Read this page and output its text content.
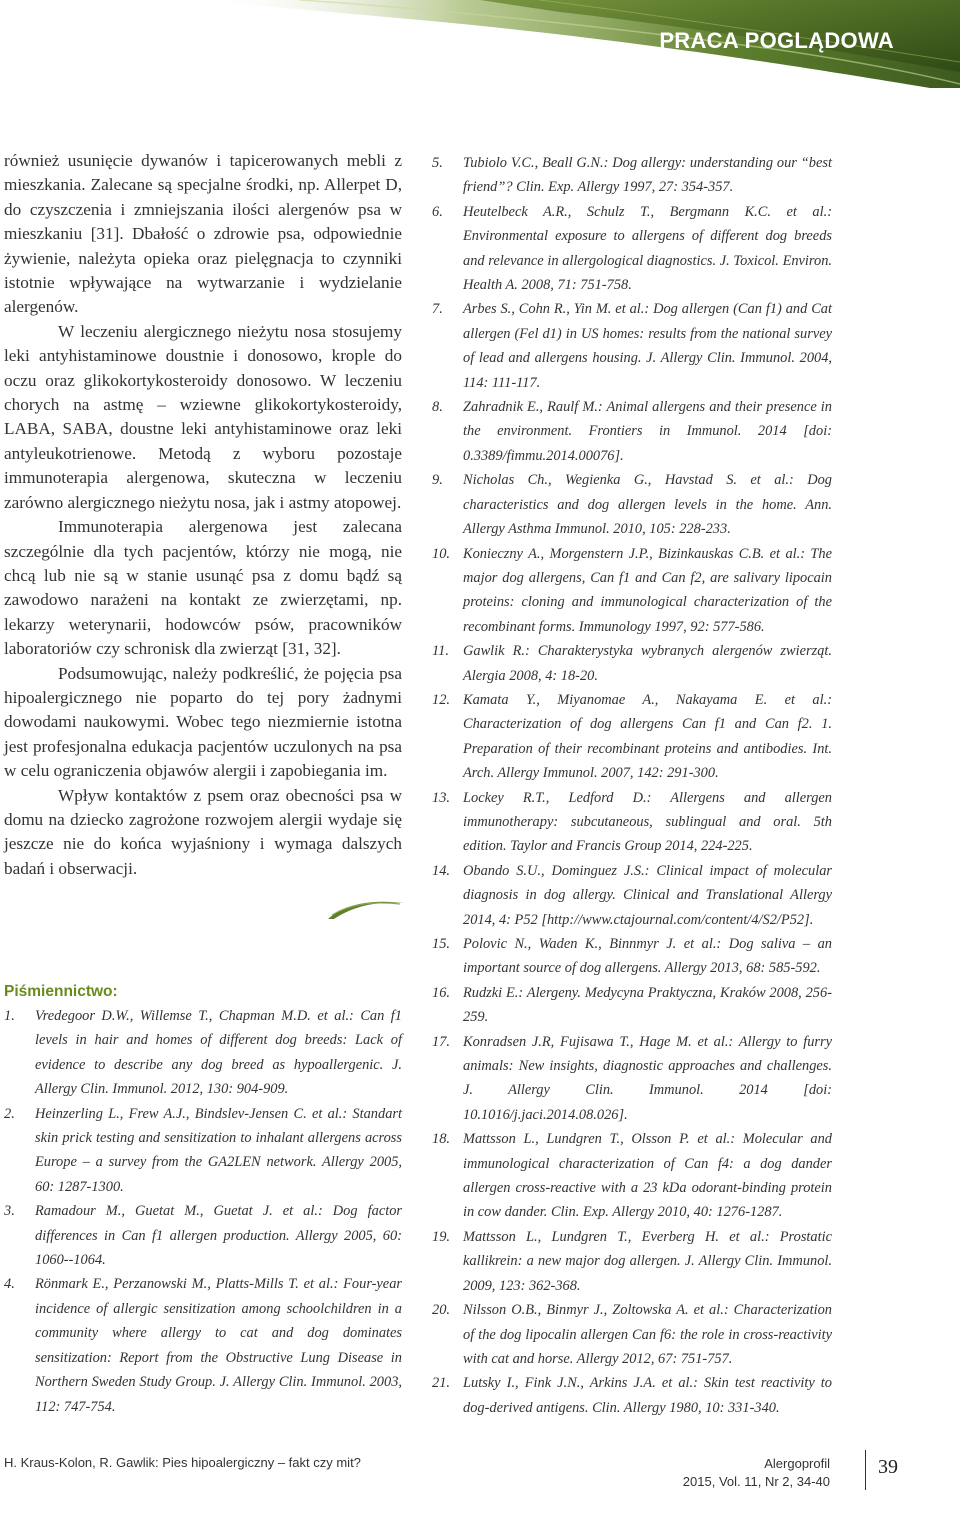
PRACA POGLĄDOWA

również usunięcie dywanów i tapicerowanych mebli z mieszkania. Zalecane są specjalne środki, np. Allerpet D, do czyszczenia i zmniejszania ilości alergenów psa w mieszkaniu [31]. Dbałość o zdrowie psa, odpowiednie żywienie, należyta opieka oraz pielęgnacja to czynniki istotnie wpływające na wytwarzanie i wydzielanie alergenów.

W leczeniu alergicznego nieżytu nosa stosujemy leki antyhistaminowe doustnie i donosowo, krople do oczu oraz glikokortykosteroidy donosowo. W leczeniu chorych na astmę – wziewne glikokortykosteroidy, LABA, SABA, doustne leki antyhistaminowe oraz leki antyleukotrienowe. Metodą z wyboru pozostaje immunoterapia alergenowa, skuteczna w leczeniu zarówno alergicznego nieżytu nosa, jak i astmy atopowej.

Immunoterapia alergenowa jest zalecana szczególnie dla tych pacjentów, którzy nie mogą, nie chcą lub nie są w stanie usunąć psa z domu bądź są zawodowo narażeni na kontakt ze zwierzętami, np. lekarzy weterynarii, hodowców psów, pracowników laboratoriów czy schronisk dla zwierząt [31, 32].

Podsumowując, należy podkreślić, że pojęcia psa hipoalergicznego nie poparto do tej pory żadnymi dowodami naukowymi. Wobec tego niezmiernie istotna jest profesjonalna edukacja pacjentów uczulonych na psa w celu ograniczenia objawów alergii i zapobiegania im.

Wpływ kontaktów z psem oraz obecności psa w domu na dziecko zagrożone rozwojem alergii wydaje się jeszcze nie do końca wyjaśniony i wymaga dalszych badań i obserwacji.

Piśmiennictwo:
1.	Vredegoor D.W., Willemse T., Chapman M.D. et al.: Can f1 levels in hair and homes of different dog breeds: Lack of evidence to describe any dog breed as hypoallergenic. J. Allergy Clin. Immunol. 2012, 130: 904-909.
2.	Heinzerling L., Frew A.J., Bindslev-Jensen C. et al.: Standart skin prick testing and sensitization to inhalant allergens across Europe – a survey from the GA2LEN network. Allergy 2005, 60: 1287-1300.
3.	Ramadour M., Guetat M., Guetat J. et al.: Dog factor differences in Can f1 allergen production. Allergy 2005, 60: 1060--1064.
4.	Rönmark E., Perzanowski M., Platts-Mills T. et al.: Four-year incidence of allergic sensitization among schoolchildren in a community where allergy to cat and dog dominates sensitization: Report from the Obstructive Lung Disease in Northern Sweden Study Group. J. Allergy Clin. Immunol. 2003, 112: 747-754.
5.	Tubiolo V.C., Beall G.N.: Dog allergy: understanding our “best friend”? Clin. Exp. Allergy 1997, 27: 354-357.
6.	Heutelbeck A.R., Schulz T., Bergmann K.C. et al.: Environmental exposure to allergens of different dog breeds and relevance in allergological diagnostics. J. Toxicol. Environ. Health A. 2008, 71: 751-758.
7.	Arbes S., Cohn R., Yin M. et al.: Dog allergen (Can f1) and Cat allergen (Fel d1) in US homes: results from the national survey of lead and allergens housing. J. Allergy Clin. Immunol. 2004, 114: 111-117.
8.	Zahradnik E., Raulf M.: Animal allergens and their presence in the environment. Frontiers in Immunol. 2014 [doi: 0.3389/fimmu.2014.00076].
9.	Nicholas Ch., Wegienka G., Havstad S. et al.: Dog characteristics and dog allergen levels in the home. Ann. Allergy Asthma Immunol. 2010, 105: 228-233.
10. Konieczny A., Morgenstern J.P., Bizinkauskas C.B. et al.: The major dog allergens, Can f1 and Can f2, are salivary lipocain proteins: cloning and immunological characterization of the recombinant forms. Immunology 1997, 92: 577-586.
11. Gawlik R.: Charakterystyka wybranych alergenów zwierząt. Alergia 2008, 4: 18-20.
12. Kamata Y., Miyanomae A., Nakayama E. et al.: Characterization of dog allergens Can f1 and Can f2. 1. Preparation of their recombinant proteins and antibodies. Int. Arch. Allergy Immunol. 2007, 142: 291-300.
13. Lockey R.T., Ledford D.: Allergens and allergen immunotherapy: subcutaneous, sublingual and oral. 5th edition. Taylor and Francis Group 2014, 224-225.
14. Obando S.U., Dominguez J.S.: Clinical impact of molecular diagnosis in dog allergy. Clinical and Translational Allergy 2014, 4: P52 [http://www.ctajournal.com/content/4/S2/P52].
15. Polovic N., Waden K., Binnmyr J. et al.: Dog saliva – an important source of dog allergens. Allergy 2013, 68: 585-592.
16. Rudzki E.: Alergeny. Medycyna Praktyczna, Kraków 2008, 256-259.
17. Konradsen J.R, Fujisawa T., Hage M. et al.: Allergy to furry animals: New insights, diagnostic approaches and challenges. J. Allergy Clin. Immunol. 2014 [doi: 10.1016/j.jaci.2014.08.026].
18. Mattsson L., Lundgren T., Olsson P. et al.: Molecular and immunological characterization of Can f4: a dog dander allergen cross-reactive with a 23 kDa odorant-binding protein in cow dander. Clin. Exp. Allergy 2010, 40: 1276-1287.
19. Mattsson L., Lundgren T., Everberg H. et al.: Prostatic kallikrein: a new major dog allergen. J. Allergy Clin. Immunol. 2009, 123: 362-368.
20. Nilsson O.B., Binmyr J., Zoltowska A. et al.: Characterization of the dog lipocalin allergen Can f6: the role in cross-reactivity with cat and horse. Allergy 2012, 67: 751-757.
21. Lutsky I., Fink J.N., Arkins J.A. et al.: Skin test reactivity to dog-derived antigens. Clin. Allergy 1980, 10: 331-340.
H. Kraus-Kolon, R. Gawlik: Pies hipoalergiczny – fakt czy mit?	Alergoprofil
2015, Vol. 11, Nr 2, 34-40
39
